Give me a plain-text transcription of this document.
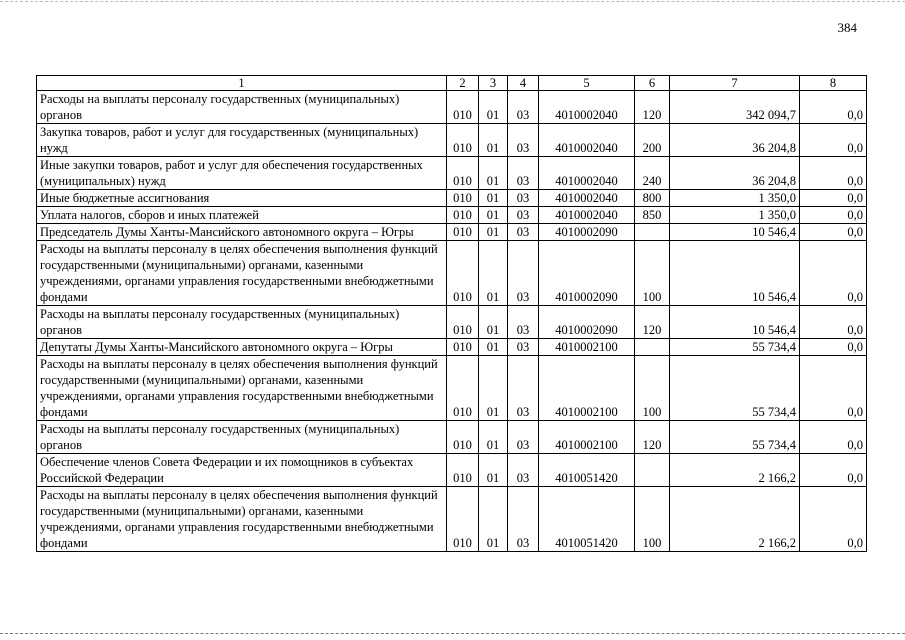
384
1	2	3	4	5	6	7	8
Расходы на выплаты персоналу государственных (муниципальных) органов	010	01	03	4010002040	120	342 094,7	0,0
Закупка товаров, работ и услуг для государственных (муниципальных) нужд	010	01	03	4010002040	200	36 204,8	0,0
Иные закупки товаров, работ и услуг для обеспечения государственных (муниципальных) нужд	010	01	03	4010002040	240	36 204,8	0,0
Иные бюджетные ассигнования	010	01	03	4010002040	800	1 350,0	0,0
Уплата налогов, сборов и иных платежей	010	01	03	4010002040	850	1 350,0	0,0
Председатель Думы Ханты-Мансийского автономного округа – Югры	010	01	03	4010002090		10 546,4	0,0
Расходы на выплаты персоналу в целях обеспечения выполнения функций государственными (муниципальными) органами, казенными учреждениями, органами управления государственными внебюджетными фондами	010	01	03	4010002090	100	10 546,4	0,0
Расходы на выплаты персоналу государственных (муниципальных) органов	010	01	03	4010002090	120	10 546,4	0,0
Депутаты Думы Ханты-Мансийского автономного округа – Югры	010	01	03	4010002100		55 734,4	0,0
Расходы на выплаты персоналу в целях обеспечения выполнения функций государственными (муниципальными) органами, казенными учреждениями, органами управления государственными внебюджетными фондами	010	01	03	4010002100	100	55 734,4	0,0
Расходы на выплаты персоналу государственных (муниципальных) органов	010	01	03	4010002100	120	55 734,4	0,0
Обеспечение членов Совета Федерации и их помощников в субъектах Российской Федерации	010	01	03	4010051420		2 166,2	0,0
Расходы на выплаты персоналу в целях обеспечения выполнения функций государственными (муниципальными) органами, казенными учреждениями, органами управления государственными внебюджетными фондами	010	01	03	4010051420	100	2 166,2	0,0
